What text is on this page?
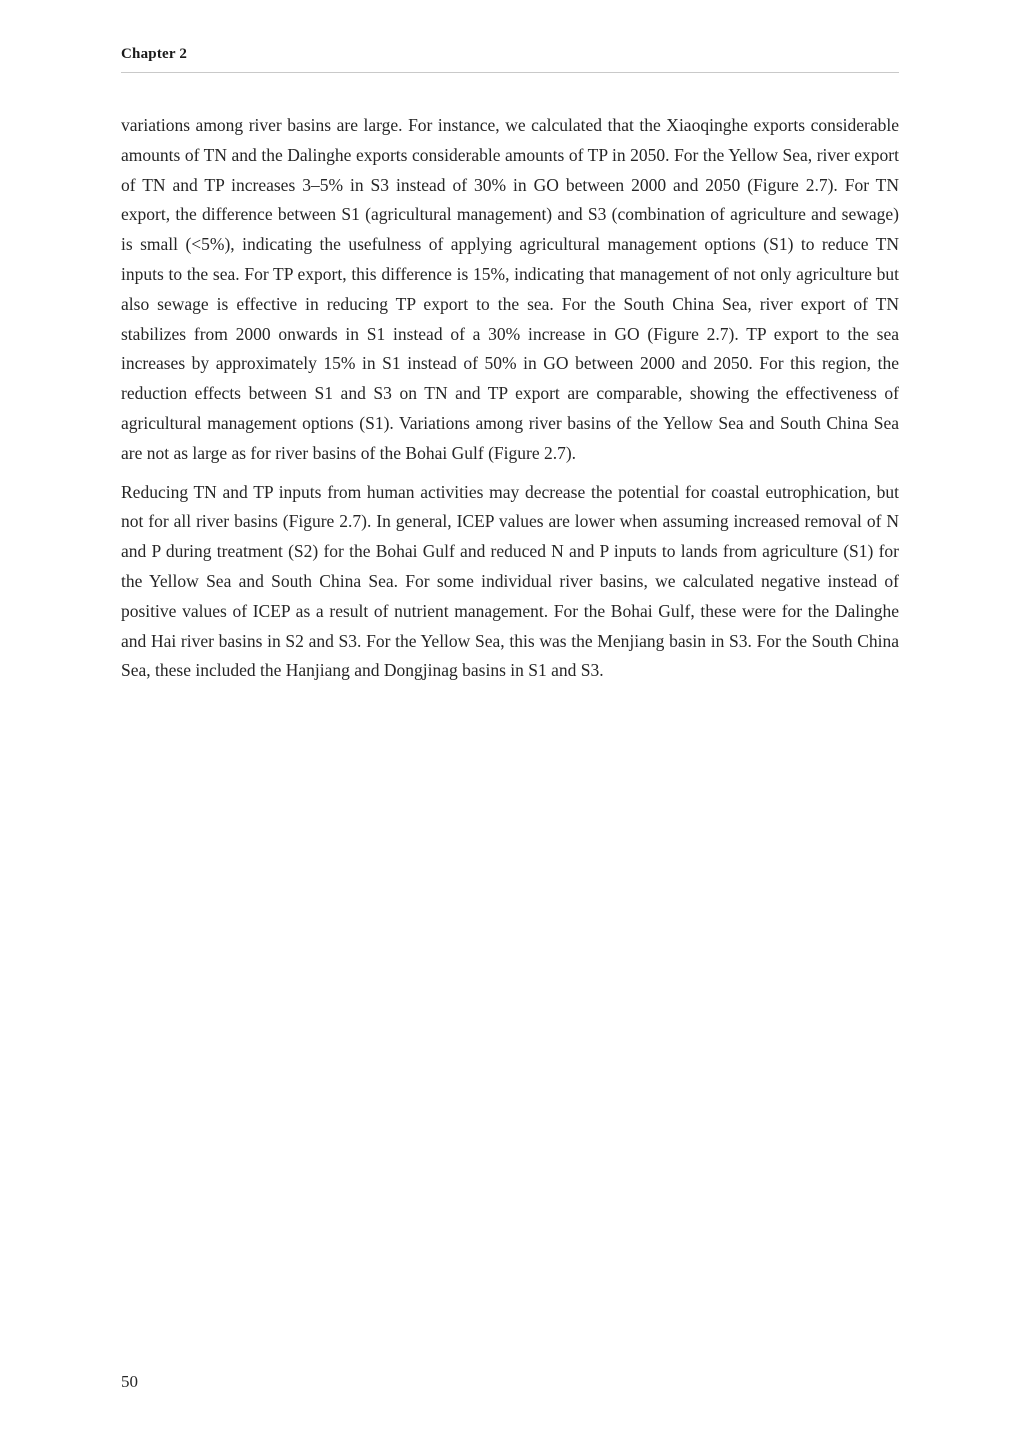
Chapter 2

variations among river basins are large. For instance, we calculated that the Xiaoqinghe exports considerable amounts of TN and the Dalinghe exports considerable amounts of TP in 2050. For the Yellow Sea, river export of TN and TP increases 3–5% in S3 instead of 30% in GO between 2000 and 2050 (Figure 2.7). For TN export, the difference between S1 (agricultural management) and S3 (combination of agriculture and sewage) is small (<5%), indicating the usefulness of applying agricultural management options (S1) to reduce TN inputs to the sea. For TP export, this difference is 15%, indicating that management of not only agriculture but also sewage is effective in reducing TP export to the sea. For the South China Sea, river export of TN stabilizes from 2000 onwards in S1 instead of a 30% increase in GO (Figure 2.7). TP export to the sea increases by approximately 15% in S1 instead of 50% in GO between 2000 and 2050. For this region, the reduction effects between S1 and S3 on TN and TP export are comparable, showing the effectiveness of agricultural management options (S1). Variations among river basins of the Yellow Sea and South China Sea are not as large as for river basins of the Bohai Gulf (Figure 2.7).

Reducing TN and TP inputs from human activities may decrease the potential for coastal eutrophication, but not for all river basins (Figure 2.7). In general, ICEP values are lower when assuming increased removal of N and P during treatment (S2) for the Bohai Gulf and reduced N and P inputs to lands from agriculture (S1) for the Yellow Sea and South China Sea. For some individual river basins, we calculated negative instead of positive values of ICEP as a result of nutrient management. For the Bohai Gulf, these were for the Dalinghe and Hai river basins in S2 and S3. For the Yellow Sea, this was the Menjiang basin in S3. For the South China Sea, these included the Hanjiang and Dongjinag basins in S1 and S3.

50
